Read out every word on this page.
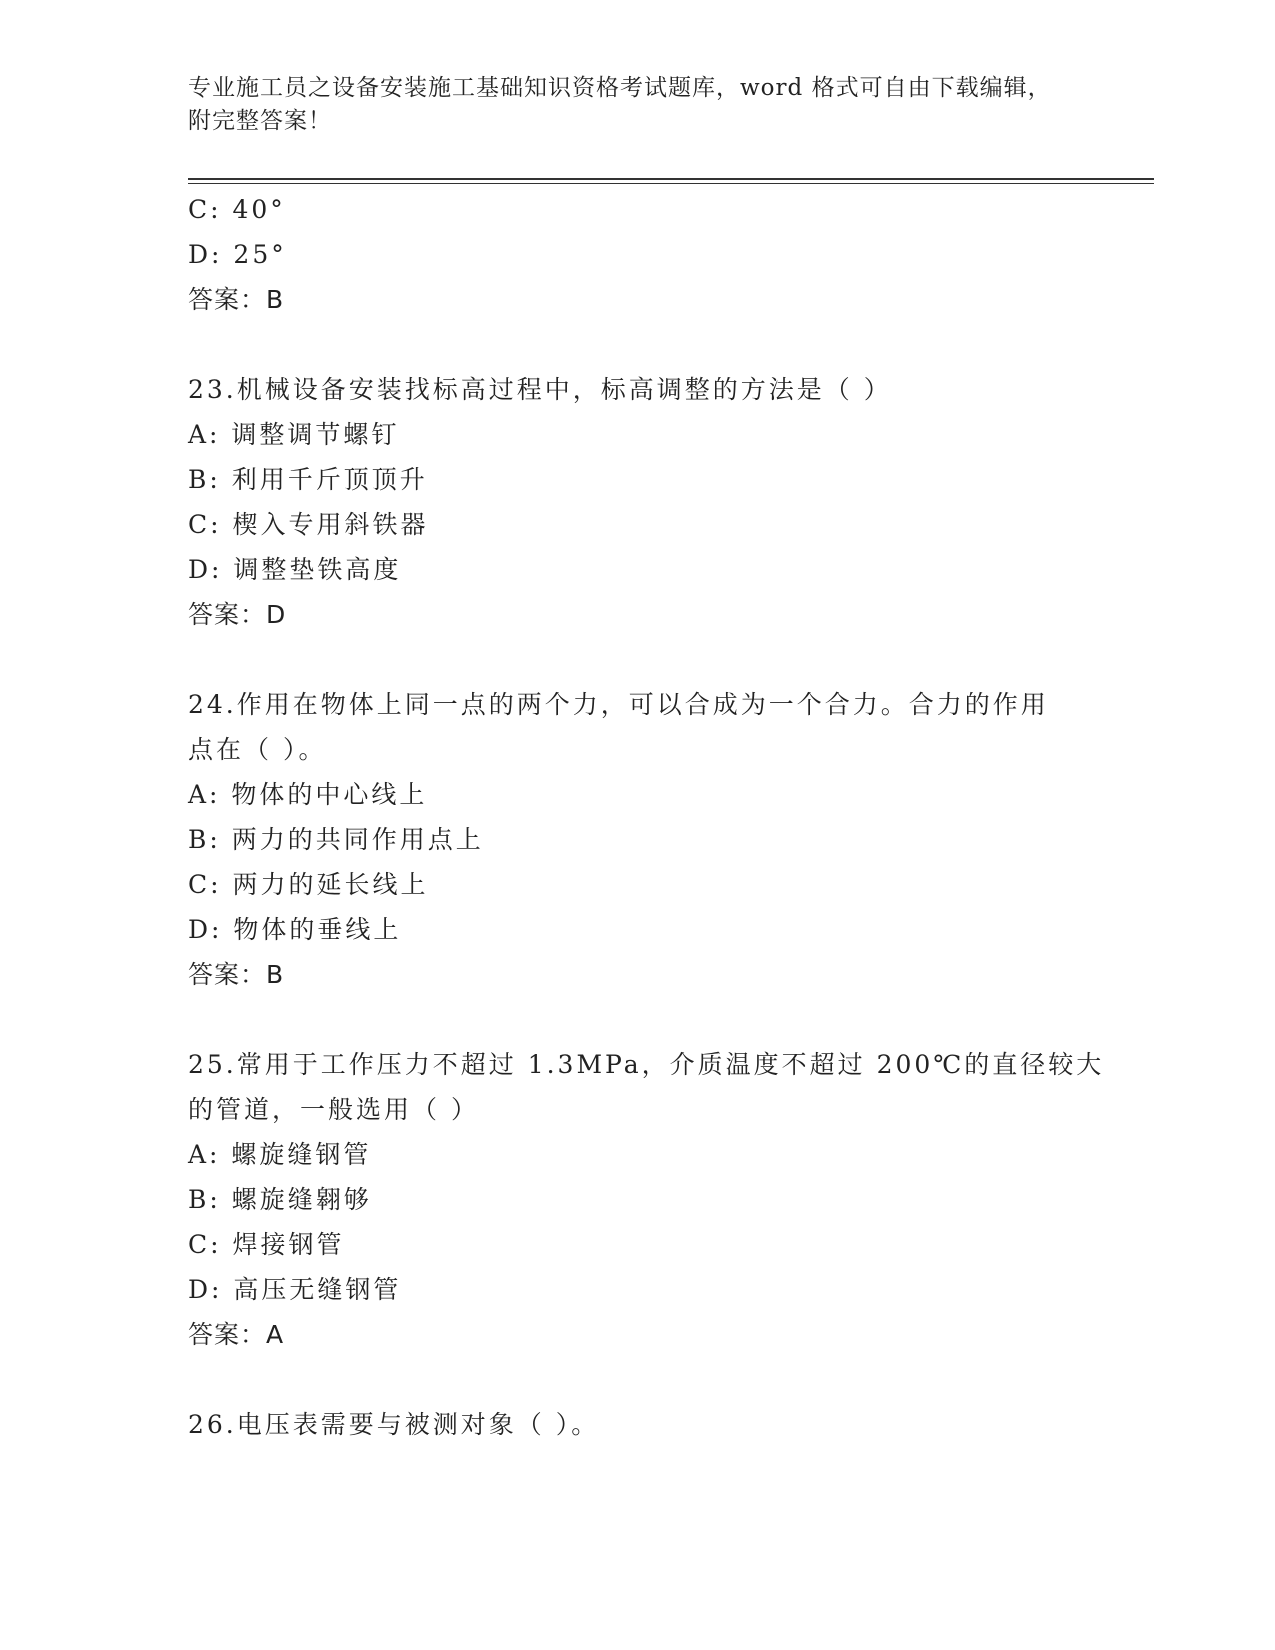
专业施工员之设备安装施工基础知识资格考试题库，word 格式可自由下载编辑，
附完整答案！
C: 40°
D: 25°
答案：B
23.机械设备安装找标高过程中，标高调整的方法是（ ）
A: 调整调节螺钉
B: 利用千斤顶顶升
C: 楔入专用斜铁器
D: 调整垫铁高度
答案：D
24.作用在物体上同一点的两个力，可以合成为一个合力。合力的作用
点在（ ）。
A: 物体的中心线上
B: 两力的共同作用点上
C: 两力的延长线上
D: 物体的垂线上
答案：B
25.常用于工作压力不超过 1.3MPa，介质温度不超过 200℃的直径较大
的管道，一般选用（ ）
A: 螺旋缝钢管
B: 螺旋缝翱够
C: 焊接钢管
D: 高压无缝钢管
答案：A
26.电压表需要与被测对象（ ）。
